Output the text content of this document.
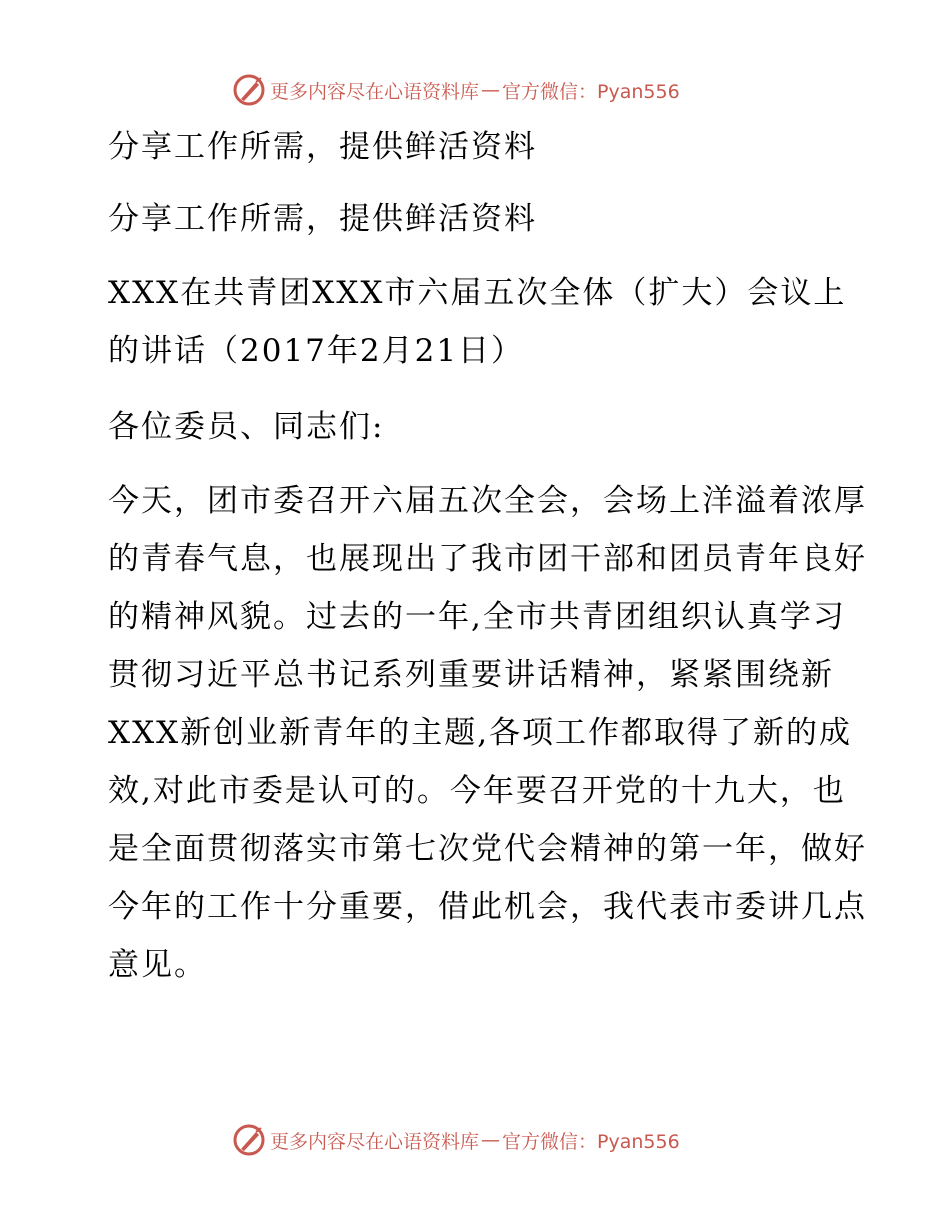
更多内容尽在心语资料库 — 官方微信：Pyan556

分享工作所需，提供鲜活资料

分享工作所需，提供鲜活资料

XXX在共青团XXX市六届五次全体（扩大）会议上的讲话（2017年2月21日）

各位委员、同志们:

今天，团市委召开六届五次全会，会场上洋溢着浓厚的青春气息，也展现出了我市团干部和团员青年良好的精神风貌。过去的一年,全市共青团组织认真学习贯彻习近平总书记系列重要讲话精神，紧紧围绕新XXX新创业新青年的主题,各项工作都取得了新的成效,对此市委是认可的。今年要召开党的十九大，也是全面贯彻落实市第七次党代会精神的第一年，做好今年的工作十分重要，借此机会，我代表市委讲几点意见。

更多内容尽在心语资料库 — 官方微信：Pyan556
